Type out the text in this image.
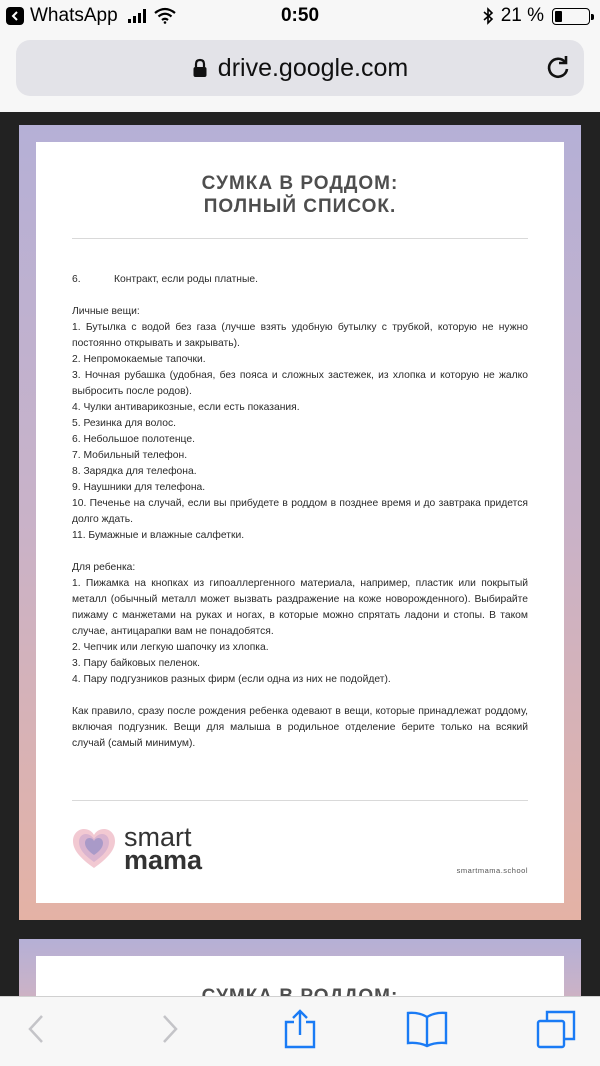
WhatsApp	0:50	21 %
drive.google.com
СУМКА В РОДДОМ:
ПОЛНЫЙ СПИСОК.
6.	Контракт, если роды платные.

Личные вещи:

1. Бутылка с водой без газа (лучше взять удобную бутылку с трубкой, которую не нужно постоянно открывать и закрывать).

2. Непромокаемые тапочки.

3. Ночная рубашка (удобная, без пояса и сложных застежек, из хлопка и которую не жалко выбросить после родов).

4. Чулки антиварикозные, если есть показания.

5. Резинка для волос.

6. Небольшое полотенце.

7. Мобильный телефон.

8. Зарядка для телефона.

9. Наушники для телефона.

10. Печенье на случай, если вы прибудете в роддом в позднее время и до завтрака придется долго ждать.

11. Бумажные и влажные салфетки.

Для ребенка:

1. Пижамка на кнопках из гипоаллергенного материала, например, пластик или покрытый металл (обычный металл может вызвать раздражение на коже новорожденного). Выбирайте пижаму с манжетами на руках и ногах, в которые можно спрятать ладони и стопы. В таком случае, антицарапки вам не понадобятся.

2. Чепчик или легкую шапочку из хлопка.

3. Пару байковых пеленок.

4. Пару подгузников разных фирм (если одна из них не подойдет).

Как правило, сразу после рождения ребенка одевают в вещи, которые принадлежат роддому, включая подгузник. Вещи для малыша в родильное отделение берите только на всякий случай (самый минимум).

smart
mama	smartmama.school
